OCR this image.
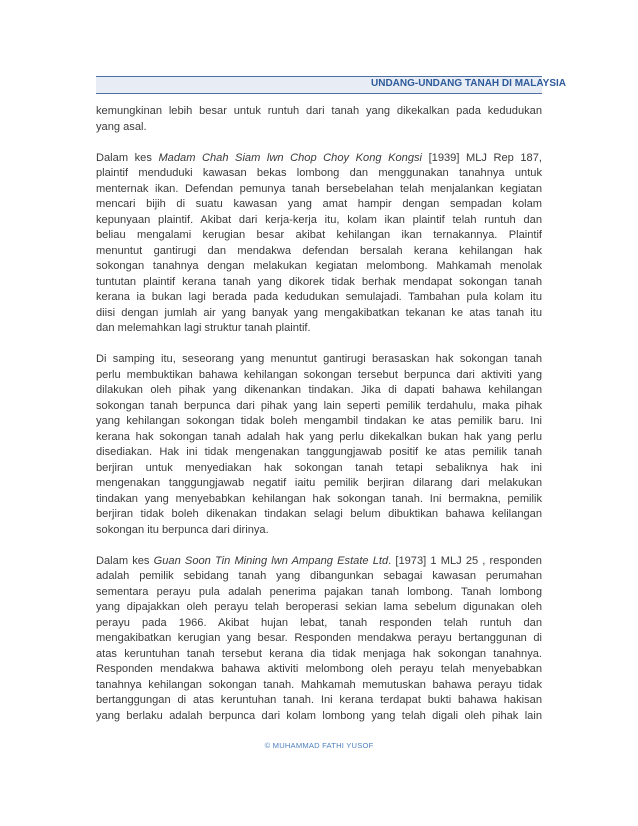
UNDANG-UNDANG TANAH DI MALAYSIA
kemungkinan lebih besar untuk runtuh dari tanah yang dikekalkan pada kedudukan
yang asal.
Dalam kes Madam Chah Siam lwn Chop Choy Kong Kongsi [1939] MLJ Rep 187,
plaintif menduduki kawasan bekas lombong dan menggunakan tanahnya untuk
menternak ikan. Defendan pemunya tanah bersebelahan telah menjalankan kegiatan
mencari bijih di suatu kawasan yang amat hampir dengan sempadan kolam
kepunyaan plaintif. Akibat dari kerja-kerja itu, kolam ikan plaintif telah runtuh dan
beliau mengalami kerugian besar akibat kehilangan ikan ternakannya. Plaintif
menuntut gantirugi dan mendakwa defendan bersalah kerana kehilangan hak
sokongan tanahnya dengan melakukan kegiatan melombong. Mahkamah menolak
tuntutan plaintif kerana tanah yang dikorek tidak berhak mendapat sokongan tanah
kerana ia bukan lagi berada pada kedudukan semulajadi. Tambahan pula kolam itu
diisi dengan jumlah air yang banyak yang mengakibatkan tekanan ke atas tanah itu
dan melemahkan lagi struktur tanah plaintif.
Di samping itu, seseorang yang menuntut gantirugi berasaskan hak sokongan tanah
perlu membuktikan bahawa kehilangan sokongan tersebut berpunca dari aktiviti yang
dilakukan oleh pihak yang dikenankan tindakan. Jika di dapati bahawa kehilangan
sokongan tanah berpunca dari pihak yang lain seperti pemilik terdahulu, maka pihak
yang kehilangan sokongan tidak boleh mengambil tindakan ke atas pemilik baru. Ini
kerana hak sokongan tanah adalah hak yang perlu dikekalkan bukan hak yang perlu
disediakan. Hak ini tidak mengenakan tanggungjawab positif ke atas pemilik tanah
berjiran untuk menyediakan hak sokongan tanah tetapi sebaliknya hak ini
mengenakan tanggungjawab negatif iaitu pemilik berjiran dilarang dari melakukan
tindakan yang menyebabkan kehilangan hak sokongan tanah. Ini bermakna, pemilik
berjiran tidak boleh dikenakan tindakan selagi belum dibuktikan bahawa kelilangan
sokongan itu berpunca dari dirinya.
Dalam kes Guan Soon Tin Mining lwn Ampang Estate Ltd. [1973] 1 MLJ 25 , responden
adalah pemilik sebidang tanah yang dibangunkan sebagai kawasan perumahan
sementara perayu pula adalah penerima pajakan tanah lombong. Tanah lombong
yang dipajakkan oleh perayu telah beroperasi sekian lama sebelum digunakan oleh
perayu pada 1966. Akibat hujan lebat, tanah responden telah runtuh dan
mengakibatkan kerugian yang besar. Responden mendakwa perayu bertanggunan di
atas keruntuhan tanah tersebut kerana dia tidak menjaga hak sokongan tanahnya.
Responden mendakwa bahawa aktiviti melombong oleh perayu telah menyebabkan
tanahnya kehilangan sokongan tanah. Mahkamah memutuskan bahawa perayu tidak
bertanggungan di atas keruntuhan tanah. Ini kerana terdapat bukti bahawa hakisan
yang berlaku adalah berpunca dari kolam lombong yang telah digali oleh pihak lain
© MUHAMMAD FATHI YUSOF
